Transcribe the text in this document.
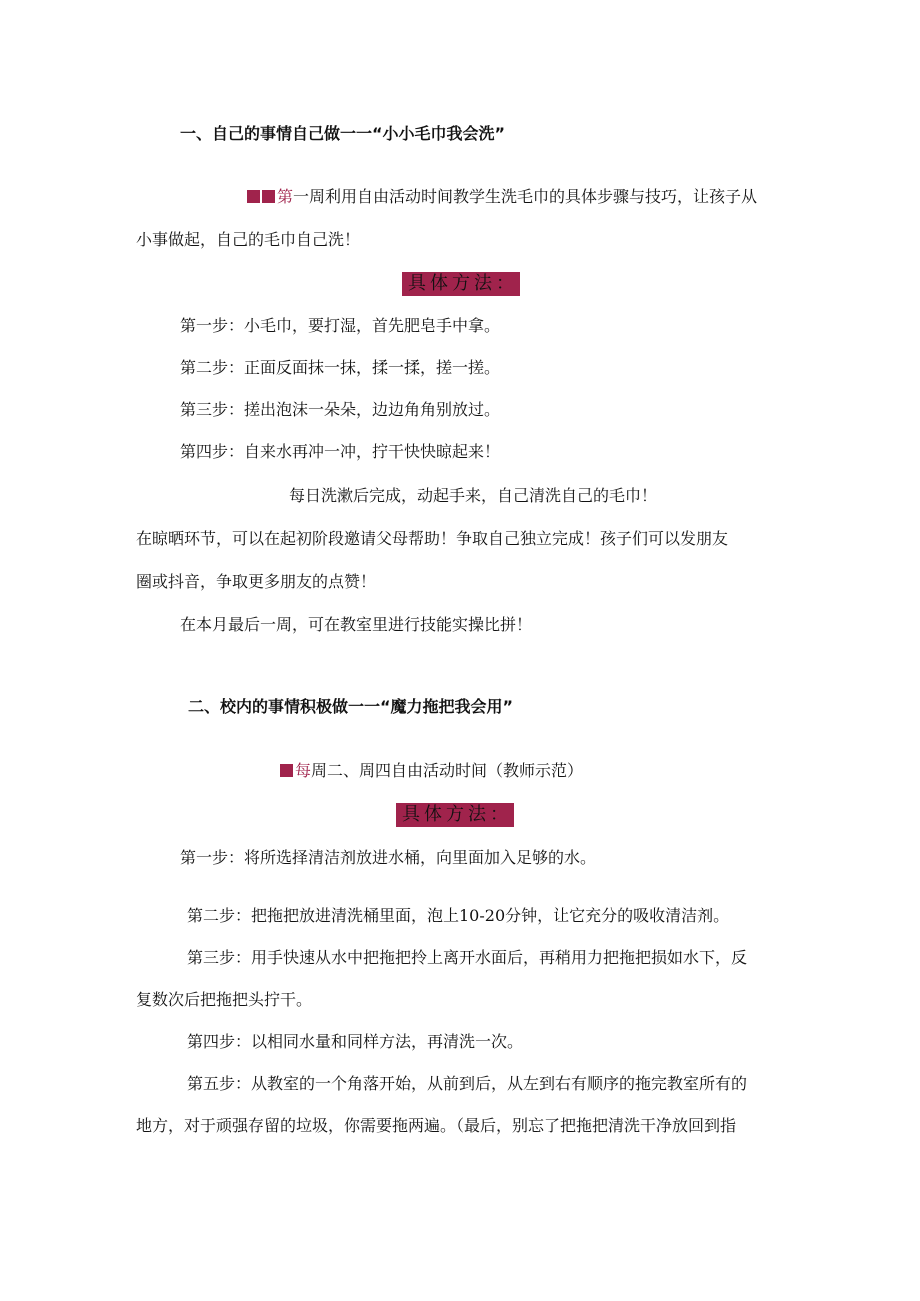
一、自己的事情自己做一一“小小毛巾我会洗”
第一周利用自由活动时间教学生洗毛巾的具体步骤与技巧，让孩子从
小事做起，自己的毛巾自己洗！
具体方法：
第一步：小毛巾，要打湿，首先肥皂手中拿。
第二步：正面反面抹一抹，揉一揉，搓一搓。
第三步：搓出泡沫一朵朵，边边角角别放过。
第四步：自来水再冲一冲，拧干快快晾起来！
每日洗漱后完成，动起手来，自己清洗自己的毛巾！
在晾晒环节，可以在起初阶段邀请父母帮助！争取自己独立完成！孩子们可以发朋友
圈或抖音，争取更多朋友的点赞！
在本月最后一周，可在教室里进行技能实操比拼！
二、校内的事情积极做一一“魔力拖把我会用”
每周二、周四自由活动时间（教师示范）
具体方法：
第一步：将所选择清洁剂放进水桶，向里面加入足够的水。
第二步：把拖把放进清洗桶里面，泡上10-20分钟，让它充分的吸收清洁剂。
第三步：用手快速从水中把拖把拎上离开水面后，再稍用力把拖把损如水下，反
复数次后把拖把头拧干。
第四步：以相同水量和同样方法，再清洗一次。
第五步：从教室的一个角落开始，从前到后，从左到右有顺序的拖完教室所有的
地方，对于顽强存留的垃圾，你需要拖两遍。（最后，别忘了把拖把清洗干净放回到指
